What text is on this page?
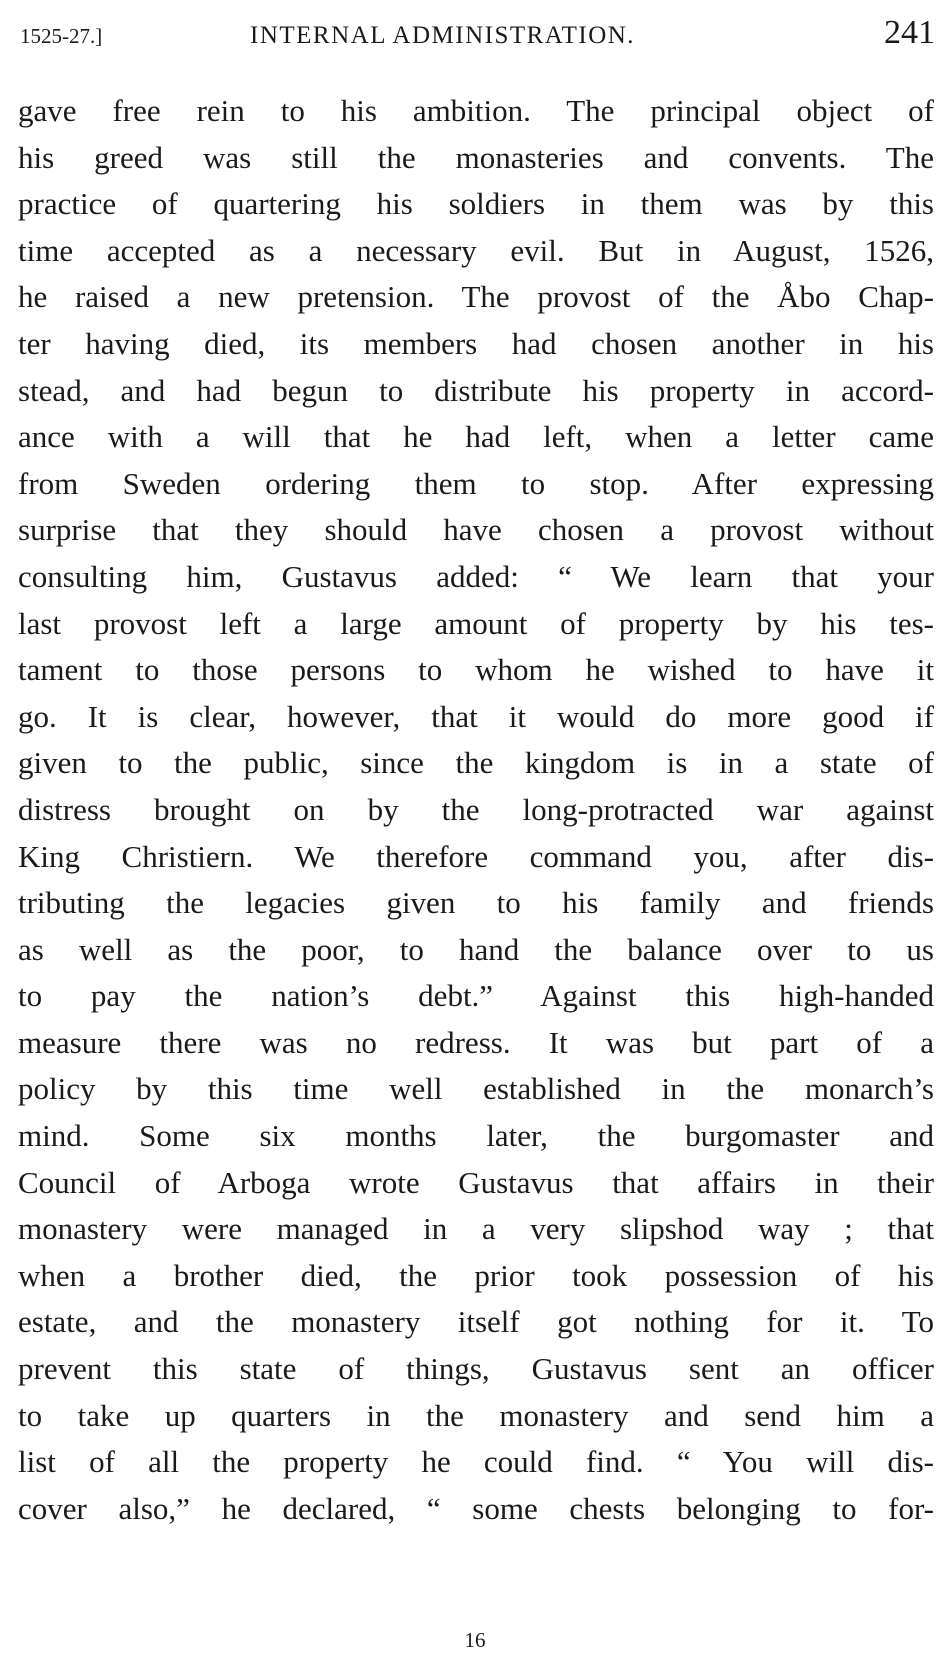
1525-27.]	INTERNAL ADMINISTRATION.	241
gave free rein to his ambition. The principal object of
his greed was still the monasteries and convents. The
practice of quartering his soldiers in them was by this
time accepted as a necessary evil. But in August, 1526,
he raised a new pretension. The provost of the Åbo Chap-
ter having died, its members had chosen another in his
stead, and had begun to distribute his property in accord-
ance with a will that he had left, when a letter came
from Sweden ordering them to stop. After expressing
surprise that they should have chosen a provost without
consulting him, Gustavus added: “ We learn that your
last provost left a large amount of property by his tes-
tament to those persons to whom he wished to have it
go. It is clear, however, that it would do more good if
given to the public, since the kingdom is in a state of
distress brought on by the long-protracted war against
King Christiern. We therefore command you, after dis-
tributing the legacies given to his family and friends
as well as the poor, to hand the balance over to us
to pay the nation’s debt.” Against this high-handed
measure there was no redress. It was but part of a
policy by this time well established in the monarch’s
mind. Some six months later, the burgomaster and
Council of Arboga wrote Gustavus that affairs in their
monastery were managed in a very slipshod way ; that
when a brother died, the prior took possession of his
estate, and the monastery itself got nothing for it. To
prevent this state of things, Gustavus sent an officer
to take up quarters in the monastery and send him a
list of all the property he could find. “ You will dis-
cover also,” he declared, “ some chests belonging to for-
16
